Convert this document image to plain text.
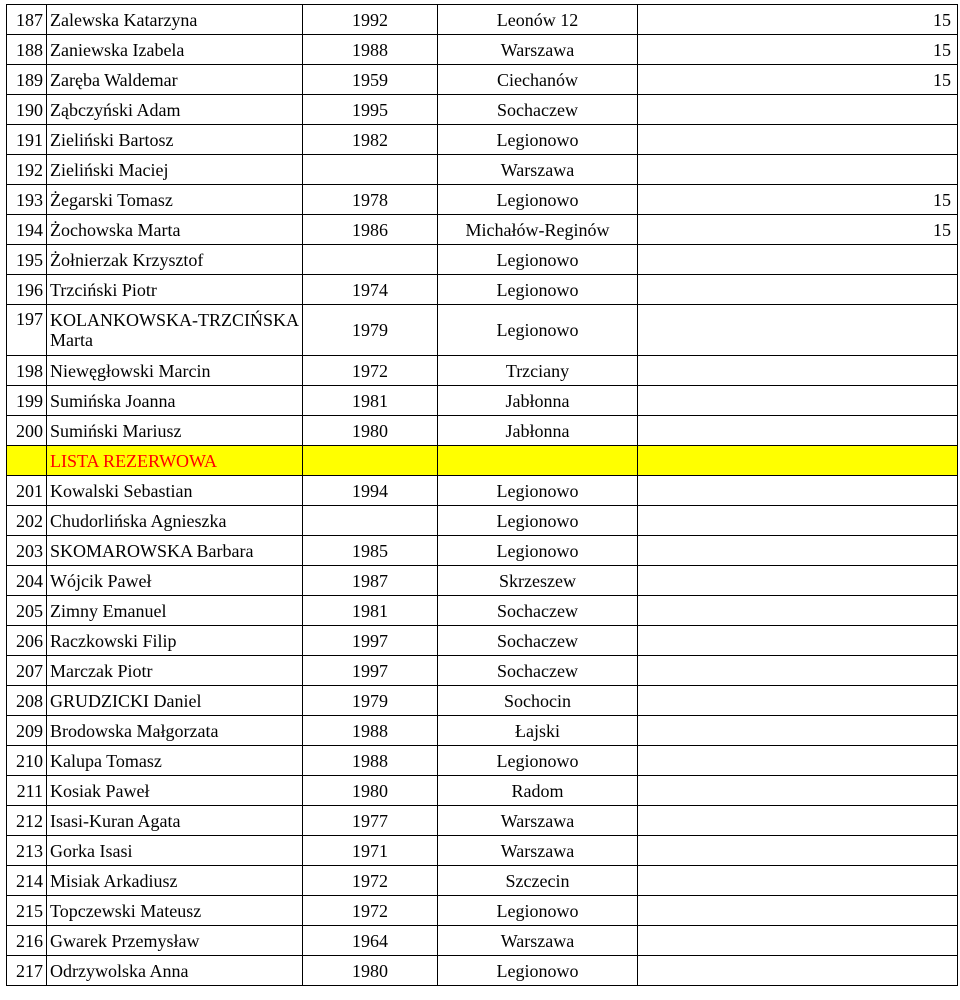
187	Zalewska Katarzyna	1992	Leonów 12	15
188	Zaniewska Izabela	1988	Warszawa	15
189	Zaręba Waldemar	1959	Ciechanów	15
190	Ząbczyński Adam	1995	Sochaczew	
191	Zieliński Bartosz	1982	Legionowo	
192	Zieliński Maciej		Warszawa	
193	Żegarski Tomasz	1978	Legionowo	15
194	Żochowska Marta	1986	Michałów-Reginów	15
195	Żołnierzak Krzysztof		Legionowo	
196	Trzciński Piotr	1974	Legionowo	
197	KOLANKOWSKA-TRZCIŃSKA Marta	1979	Legionowo	
198	Niewęgłowski Marcin	1972	Trzciany	
199	Sumińska Joanna	1981	Jabłonna	
200	Sumiński Mariusz	1980	Jabłonna	
	LISTA REZERWOWA			
201	Kowalski Sebastian	1994	Legionowo	
202	Chudorlińska Agnieszka		Legionowo	
203	SKOMAROWSKA Barbara	1985	Legionowo	
204	Wójcik Paweł	1987	Skrzeszew	
205	Zimny Emanuel	1981	Sochaczew	
206	Raczkowski Filip	1997	Sochaczew	
207	Marczak Piotr	1997	Sochaczew	
208	GRUDZICKI Daniel	1979	Sochocin	
209	Brodowska Małgorzata	1988	Łajski	
210	Kalupa Tomasz	1988	Legionowo	
211	Kosiak Paweł	1980	Radom	
212	Isasi-Kuran Agata	1977	Warszawa	
213	Gorka Isasi	1971	Warszawa	
214	Misiak Arkadiusz	1972	Szczecin	
215	Topczewski Mateusz	1972	Legionowo	
216	Gwarek Przemysław	1964	Warszawa	
217	Odrzywolska Anna	1980	Legionowo	
